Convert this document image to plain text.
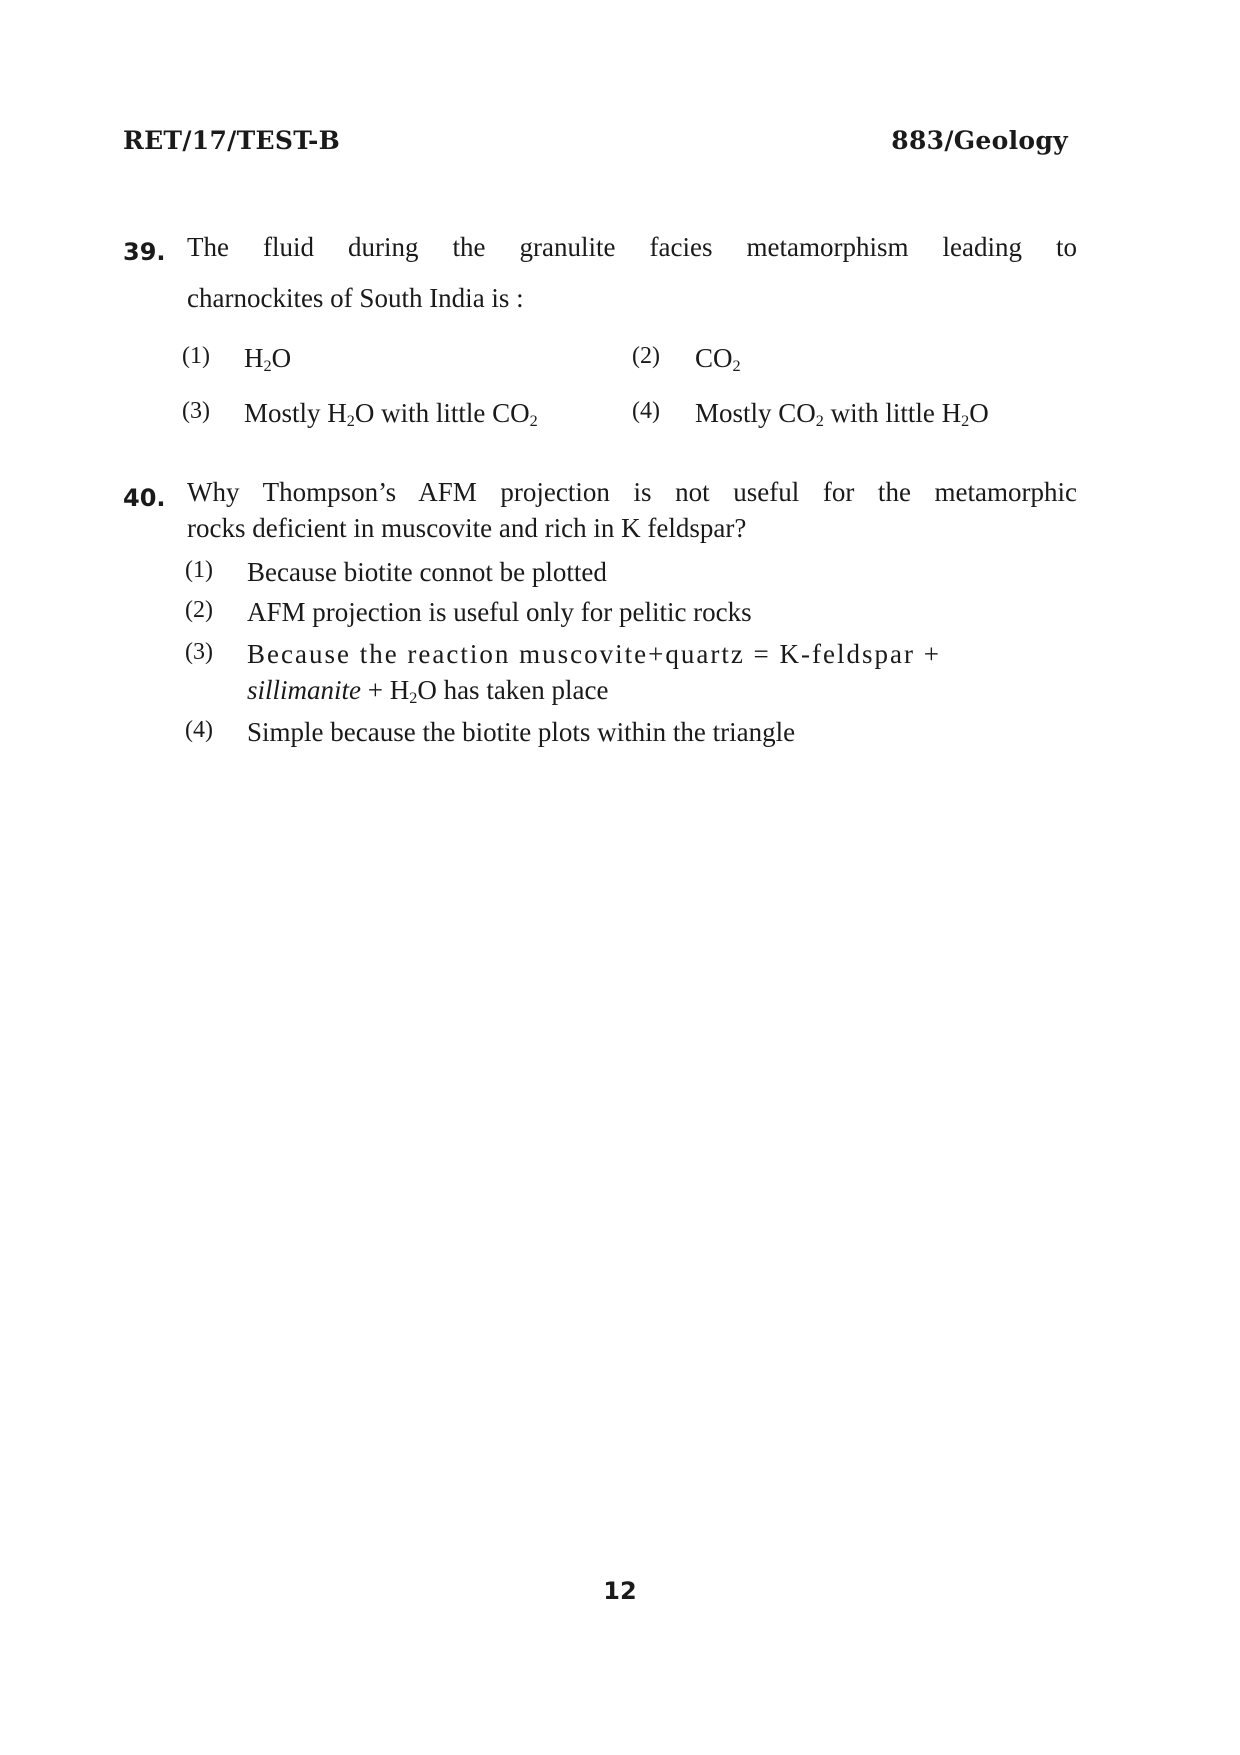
RET/17/TEST-B	883/Geology
39. The fluid during the granulite facies metamorphism leading to
charnockites of South India is :
(1) $H_2O$	(2) $CO_2$
(3) Mostly $H_2O$ with little $CO_2$	(4) Mostly $CO_2$ with little $H_2O$
40. Why Thompson’s AFM projection is not useful for the metamorphic
rocks deficient in muscovite and rich in K feldspar?
(1) Because biotite connot be plotted
(2) AFM projection is useful only for pelitic rocks
(3) Because the reaction muscovite+quartz = K-feldspar +
sillimanite + $H_2O$ has taken place
(4) Simple because the biotite plots within the triangle
12
